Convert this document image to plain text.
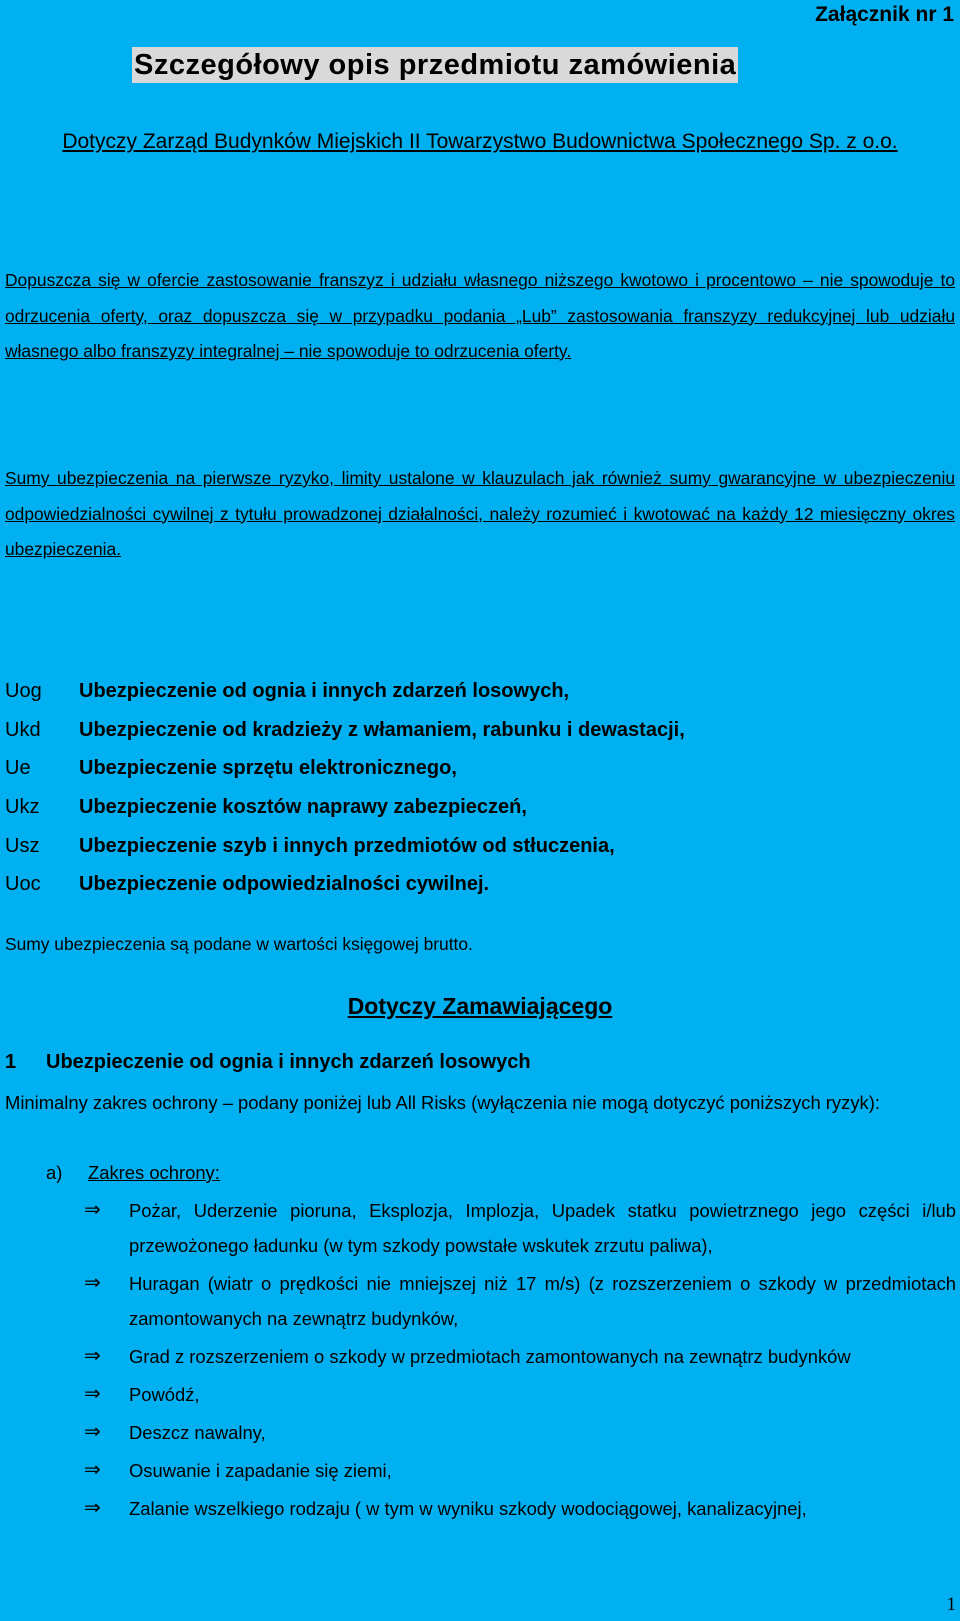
Załącznik nr 1
Szczegółowy opis przedmiotu zamówienia
Dotyczy Zarząd Budynków Miejskich II Towarzystwo Budownictwa Społecznego Sp. z o.o.
Dopuszcza się w ofercie zastosowanie franszyz i udziału własnego niższego kwotowo i procentowo – nie spowoduje to odrzucenia oferty, oraz dopuszcza się w przypadku podania „Lub” zastosowania franszyzy redukcyjnej lub udziału własnego albo franszyzy integralnej – nie spowoduje to odrzucenia oferty.
Sumy ubezpieczenia na pierwsze ryzyko, limity ustalone w klauzulach jak również sumy gwarancyjne w ubezpieczeniu odpowiedzialności cywilnej z tytułu prowadzonej działalności, należy rozumieć i kwotować na każdy 12 miesięczny okres ubezpieczenia.
Uog	Ubezpieczenie od ognia i innych zdarzeń losowych,
Ukd	Ubezpieczenie od kradzieży z włamaniem, rabunku i dewastacji,
Ue	Ubezpieczenie sprzętu elektronicznego,
Ukz	Ubezpieczenie kosztów naprawy zabezpieczeń,
Usz	Ubezpieczenie szyb i innych przedmiotów od stłuczenia,
Uoc	Ubezpieczenie odpowiedzialności cywilnej.
Sumy ubezpieczenia są podane w wartości księgowej brutto.
Dotyczy Zamawiającego
1 Ubezpieczenie od ognia i innych zdarzeń losowych
Minimalny zakres ochrony – podany poniżej lub All Risks (wyłączenia nie mogą dotyczyć poniższych ryzyk):
a) Zakres ochrony:
⇒	Pożar, Uderzenie pioruna, Eksplozja, Implozja, Upadek statku powietrznego jego części i/lub przewożonego ładunku (w tym szkody powstałe wskutek zrzutu paliwa),
⇒	Huragan (wiatr o prędkości nie mniejszej niż 17 m/s) (z rozszerzeniem o szkody w przedmiotach zamontowanych na zewnątrz budynków,
⇒	Grad z rozszerzeniem o szkody w przedmiotach zamontowanych na zewnątrz budynków
⇒	Powódź,
⇒	Deszcz nawalny,
⇒	Osuwanie i zapadanie się ziemi,
⇒	Zalanie wszelkiego rodzaju ( w tym w wyniku szkody wodociągowej, kanalizacyjnej,
1
